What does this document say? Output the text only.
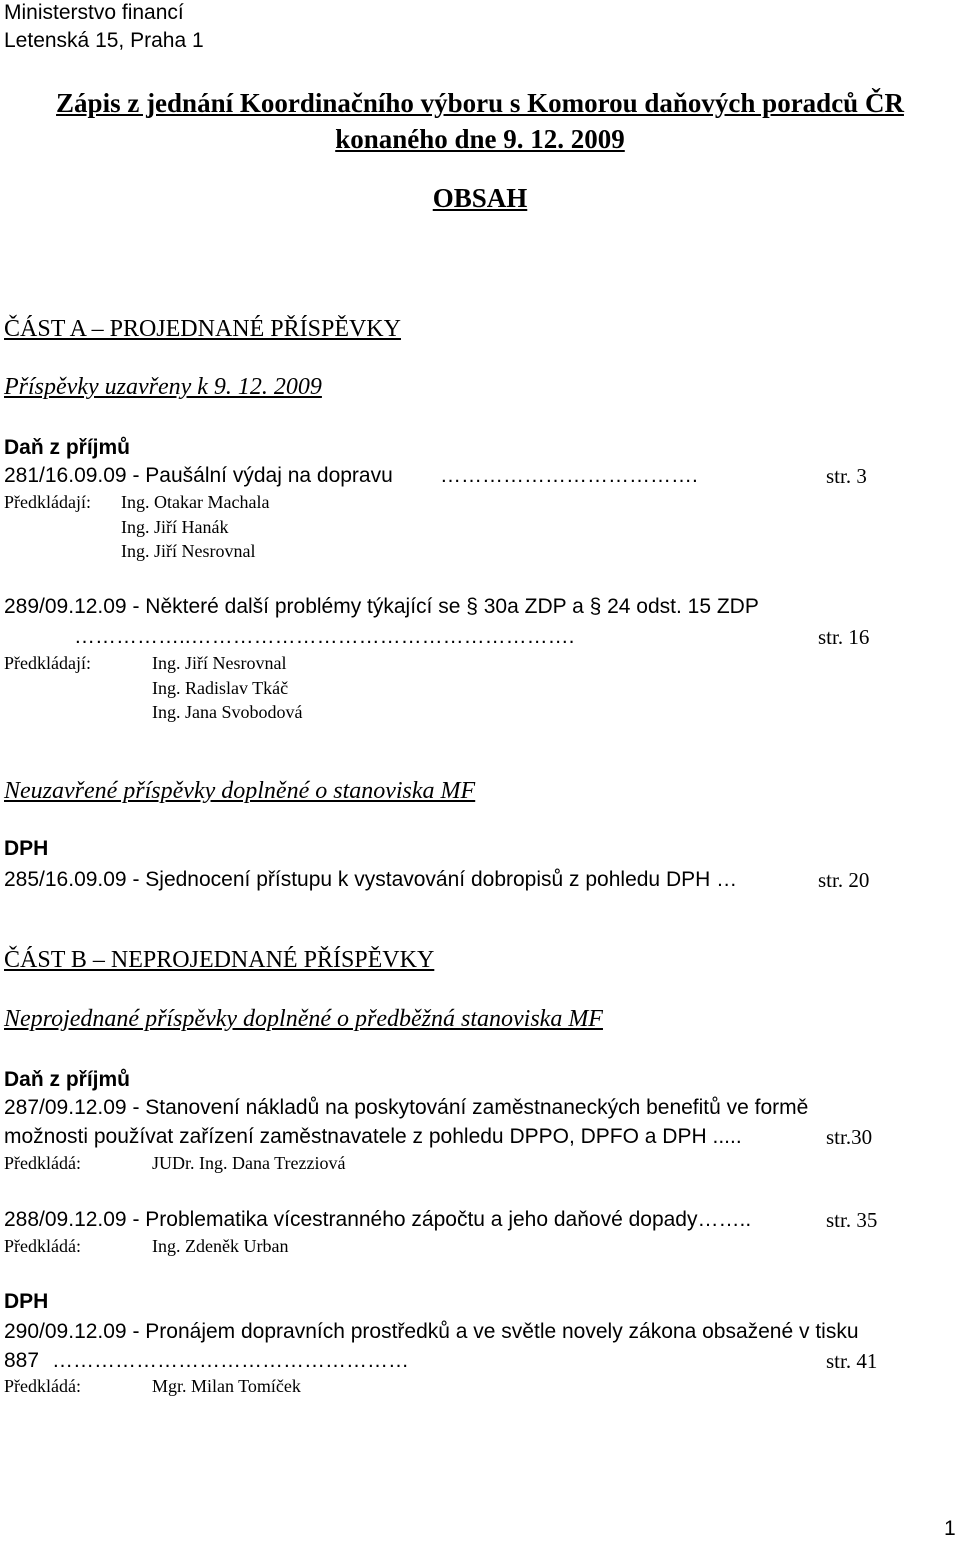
Ministerstvo financí
Letenská 15, Praha 1
Zápis z jednání Koordinačního výboru s Komorou daňových poradců ČR
konaného dne 9. 12. 2009
OBSAH
ČÁST A – PROJEDNANÉ PŘÍSPĚVKY
Příspěvky uzavřeny k 9. 12. 2009
Daň z příjmů
281/16.09.09 - Paušální výdaj na dopravu ……………………………….	str. 3
Předkládají: Ing. Otakar Machala
Ing. Jiří Hanák
Ing. Jiří Nesrovnal
289/09.12.09 - Některé další problémy týkající se § 30a ZDP a § 24 odst. 15 ZDP
……………..……………………………………………….	str. 16
Předkládají:	Ing. Jiří Nesrovnal
Ing. Radislav Tkáč
Ing. Jana Svobodová
Neuzavřené příspěvky doplněné o stanoviska MF
DPH
285/16.09.09 - Sjednocení přístupu k vystavování dobropisů z pohledu DPH …	str. 20
ČÁST B – NEPROJEDNANÉ PŘÍSPĚVKY
Neprojednané příspěvky doplněné o předběžná stanoviska MF
Daň z příjmů
287/09.12.09 - Stanovení nákladů na poskytování zaměstnaneckých benefitů ve formě
možnosti používat zařízení zaměstnavatele z pohledu DPPO, DPFO a DPH .....	str.30
Předkládá:	JUDr. Ing. Dana Trezziová
288/09.12.09 - Problematika vícestranného zápočtu a jeho daňové dopady……..	str. 35
Předkládá:	Ing. Zdeněk Urban
DPH
290/09.12.09 - Pronájem dopravních prostředků a ve světle novely zákona obsažené v tisku
887 ……………………………………………	str. 41
Předkládá:	Mgr. Milan Tomíček
1
